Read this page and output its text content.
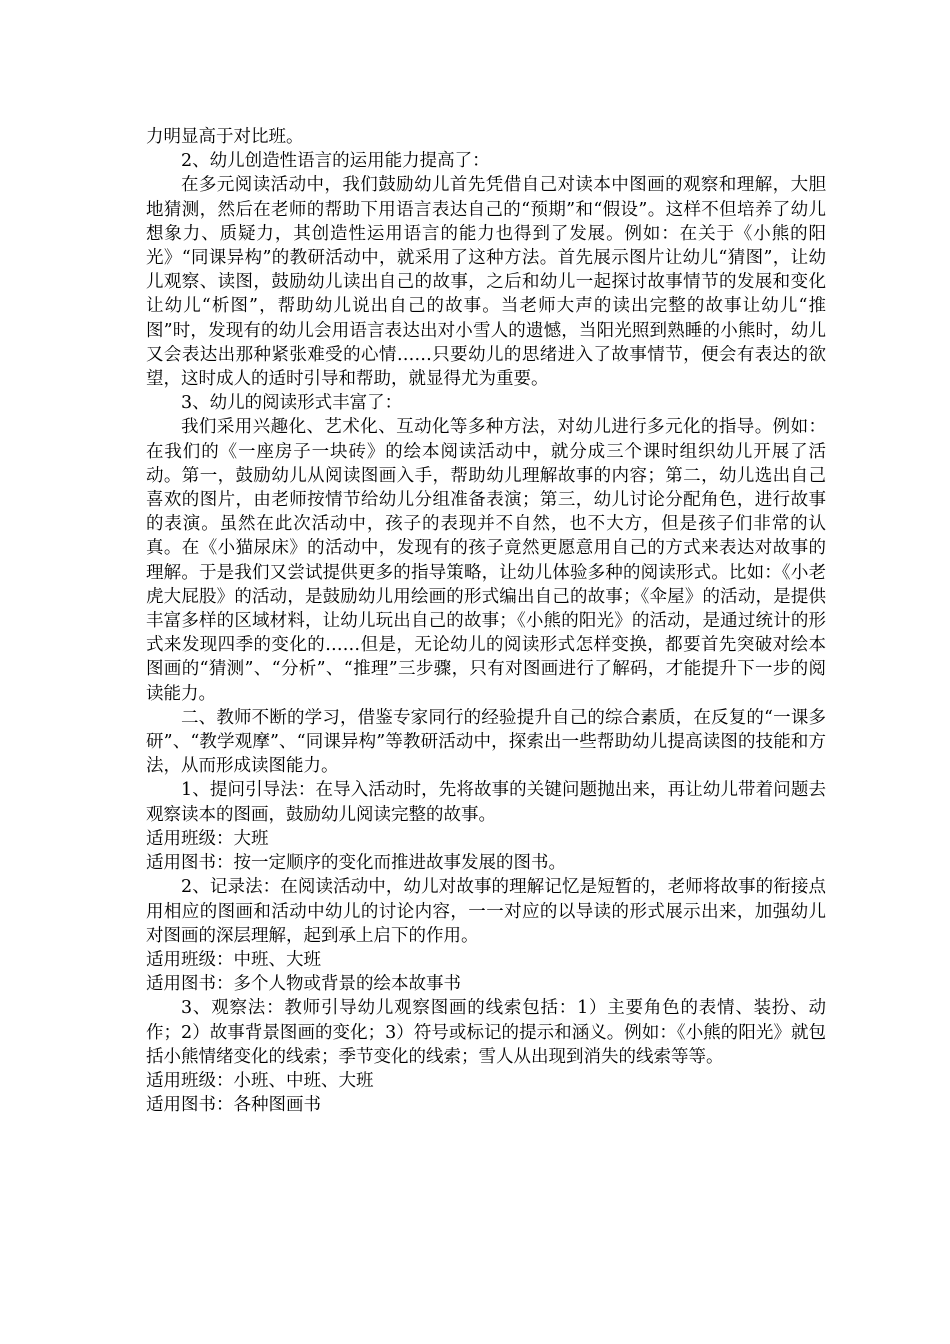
力明显高于对比班。

2、幼儿创造性语言的运用能力提高了：

在多元阅读活动中，我们鼓励幼儿首先凭借自己对读本中图画的观察和理解，大胆地猜测，然后在老师的帮助下用语言表达自己的“预期”和“假设”。这样不但培养了幼儿想象力、质疑力，其创造性运用语言的能力也得到了发展。例如：在关于《小熊的阳光》“同课异构”的教研活动中，就采用了这种方法。首先展示图片让幼儿“猜图”，让幼儿观察、读图，鼓励幼儿读出自己的故事，之后和幼儿一起探讨故事情节的发展和变化让幼儿“析图”，帮助幼儿说出自己的故事。当老师大声的读出完整的故事让幼儿“推图”时，发现有的幼儿会用语言表达出对小雪人的遗憾，当阳光照到熟睡的小熊时，幼儿又会表达出那种紧张难受的心情……只要幼儿的思绪进入了故事情节，便会有表达的欲望，这时成人的适时引导和帮助，就显得尤为重要。

3、幼儿的阅读形式丰富了：

我们采用兴趣化、艺术化、互动化等多种方法，对幼儿进行多元化的指导。例如：在我们的《一座房子一块砖》的绘本阅读活动中，就分成三个课时组织幼儿开展了活动。第一，鼓励幼儿从阅读图画入手，帮助幼儿理解故事的内容；第二，幼儿选出自己喜欢的图片，由老师按情节给幼儿分组准备表演；第三，幼儿讨论分配角色，进行故事的表演。虽然在此次活动中，孩子的表现并不自然，也不大方，但是孩子们非常的认真。在《小猫尿床》的活动中，发现有的孩子竟然更愿意用自己的方式来表达对故事的理解。于是我们又尝试提供更多的指导策略，让幼儿体验多种的阅读形式。比如：《小老虎大屁股》的活动，是鼓励幼儿用绘画的形式编出自己的故事；《伞屋》的活动，是提供丰富多样的区域材料，让幼儿玩出自己的故事；《小熊的阳光》的活动，是通过统计的形式来发现四季的变化的……但是，无论幼儿的阅读形式怎样变换，都要首先突破对绘本图画的“猜测”、“分析”、“推理”三步骤，只有对图画进行了解码，才能提升下一步的阅读能力。

二、教师不断的学习，借鉴专家同行的经验提升自己的综合素质，在反复的“一课多研”、“教学观摩”、“同课异构”等教研活动中，探索出一些帮助幼儿提高读图的技能和方法，从而形成读图能力。

1、提问引导法：在导入活动时，先将故事的关键问题抛出来，再让幼儿带着问题去观察读本的图画，鼓励幼儿阅读完整的故事。

适用班级：大班

适用图书：按一定顺序的变化而推进故事发展的图书。

2、记录法：在阅读活动中，幼儿对故事的理解记忆是短暂的，老师将故事的衔接点用相应的图画和活动中幼儿的讨论内容，一一对应的以导读的形式展示出来，加强幼儿对图画的深层理解，起到承上启下的作用。

适用班级：中班、大班

适用图书：多个人物或背景的绘本故事书

3、观察法：教师引导幼儿观察图画的线索包括：1）主要角色的表情、装扮、动作；2）故事背景图画的变化；3）符号或标记的提示和涵义。例如：《小熊的阳光》就包括小熊情绪变化的线索；季节变化的线索；雪人从出现到消失的线索等等。

适用班级：小班、中班、大班

适用图书：各种图画书
